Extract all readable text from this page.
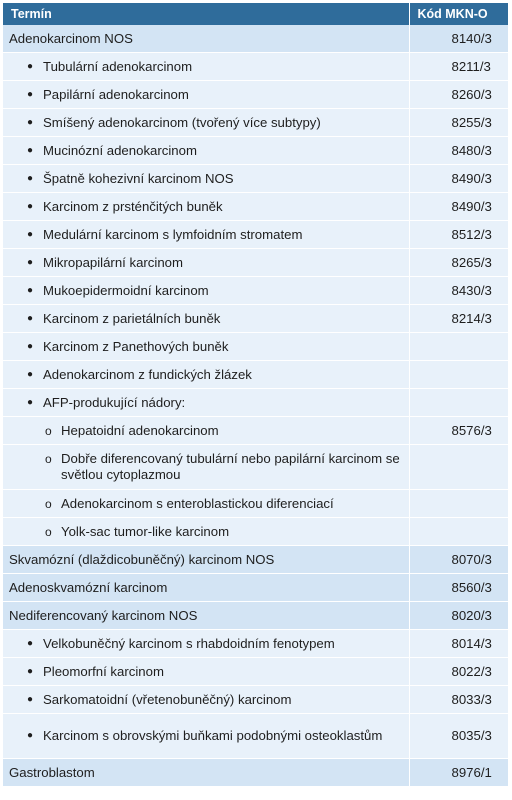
Termín	Kód MKN-O

Adenokarcinom NOS	8140/3

● Tubulární adenokarcinom	8211/3

● Papilární adenokarcinom	8260/3

● Smíšený adenokarcinom (tvořený více subtypy)	8255/3

● Mucinózní adenokarcinom	8480/3

● Špatně kohezivní karcinom NOS	8490/3

● Karcinom z prsténčitých buněk	8490/3

● Medulární karcinom s lymfoidním stromatem	8512/3

● Mikropapilární karcinom	8265/3

● Mukoepidermoidní karcinom	8430/3

● Karcinom z parietálních buněk	8214/3

● Karcinom z Panethových buněk	

● Adenokarcinom z fundických žlázek	

● AFP-produkující nádory:	

o Hepatoidní adenokarcinom	8576/3

o Dobře diferencovaný tubulární nebo papilární karcinom se světlou cytoplazmou	

o Adenokarcinom s enteroblastickou diferenciací	

o Yolk-sac tumor-like karcinom	

Skvamózní (dlaždicobuněčný) karcinom NOS	8070/3

Adenoskvamózní karcinom	8560/3

Nediferencovaný karcinom NOS	8020/3

● Velkobuněčný karcinom s rhabdoidním fenotypem	8014/3

● Pleomorfní karcinom	8022/3

● Sarkomatoidní (vřetenobuněčný) karcinom	8033/3

● Karcinom s obrovskými buňkami podobnými osteoklastům	8035/3

Gastroblastom	8976/1
